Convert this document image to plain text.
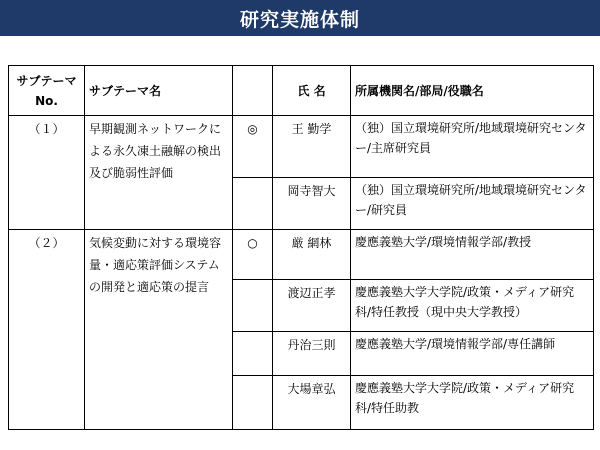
研究実施体制
サブテーマ
No.	サブテーマ名		氏 名	所属機関名/部局/役職名
（１）	早期観測ネットワークによる永久凍土融解の検出及び脆弱性評価	◎	王 勤学	（独）国立環境研究所/地域環境研究センター/主席研究員
			岡寺智大	（独）国立環境研究所/地域環境研究センター/研究員
（２）	気候変動に対する環境容量・適応策評価システムの開発と適応策の提言	○	厳 網林	慶應義塾大学/環境情報学部/教授
			渡辺正孝	慶應義塾大学大学院/政策・メディア研究科/特任教授（現中央大学教授）
			丹治三則	慶應義塾大学/環境情報学部/専任講師
			大場章弘	慶應義塾大学大学院/政策・メディア研究科/特任助教
